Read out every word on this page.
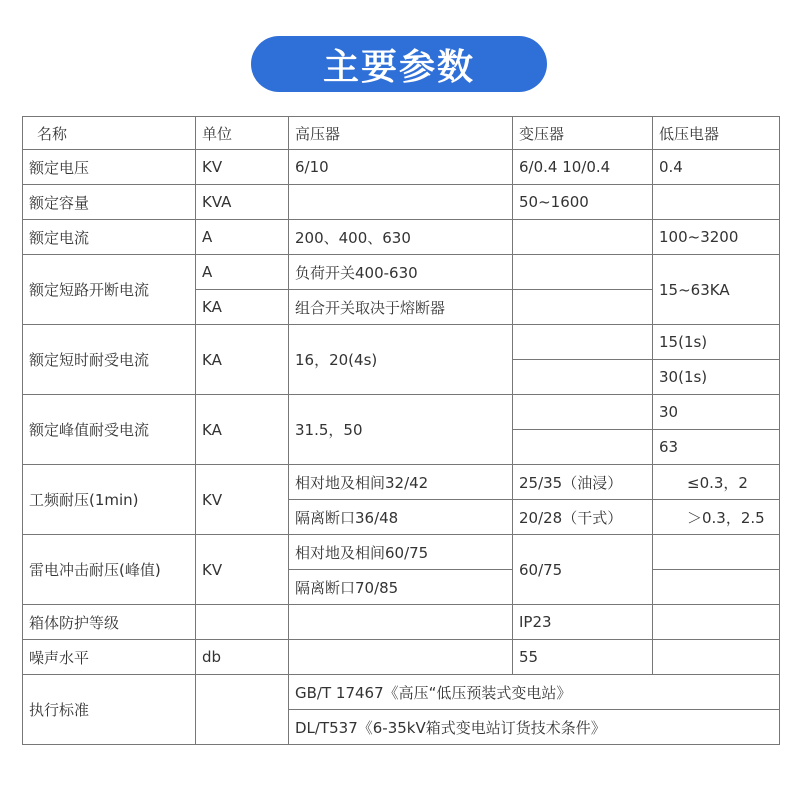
主要参数
名称	单位	高压器	变压器	低压电器
额定电压	KV	6/10	6/0.4 10/0.4	0.4
额定容量	KVA		50~1600	
额定电流	A	200、400、630		100~3200
额定短路开断电流	A	负荷开关400-630		15~63KA
	KA	组合开关取决于熔断器		
额定短时耐受电流	KA	16，20(4s)		15(1s)
				30(1s)
额定峰值耐受电流	KA	31.5，50		30
				63
工频耐压(1min)	KV	相对地及相间32/42	25/35（油浸）	≤0.3，2
		隔离断口36/48	20/28（干式）	＞0.3，2.5
雷电冲击耐压(峰值)	KV	相对地及相间60/75	60/75	
		隔离断口70/85		
箱体防护等级			IP23	
噪声水平	db		55	
执行标准		GB/T 17467《高压“低压预装式变电站》		
		DL/T537《6-35kV箱式变电站订货技术条件》		
